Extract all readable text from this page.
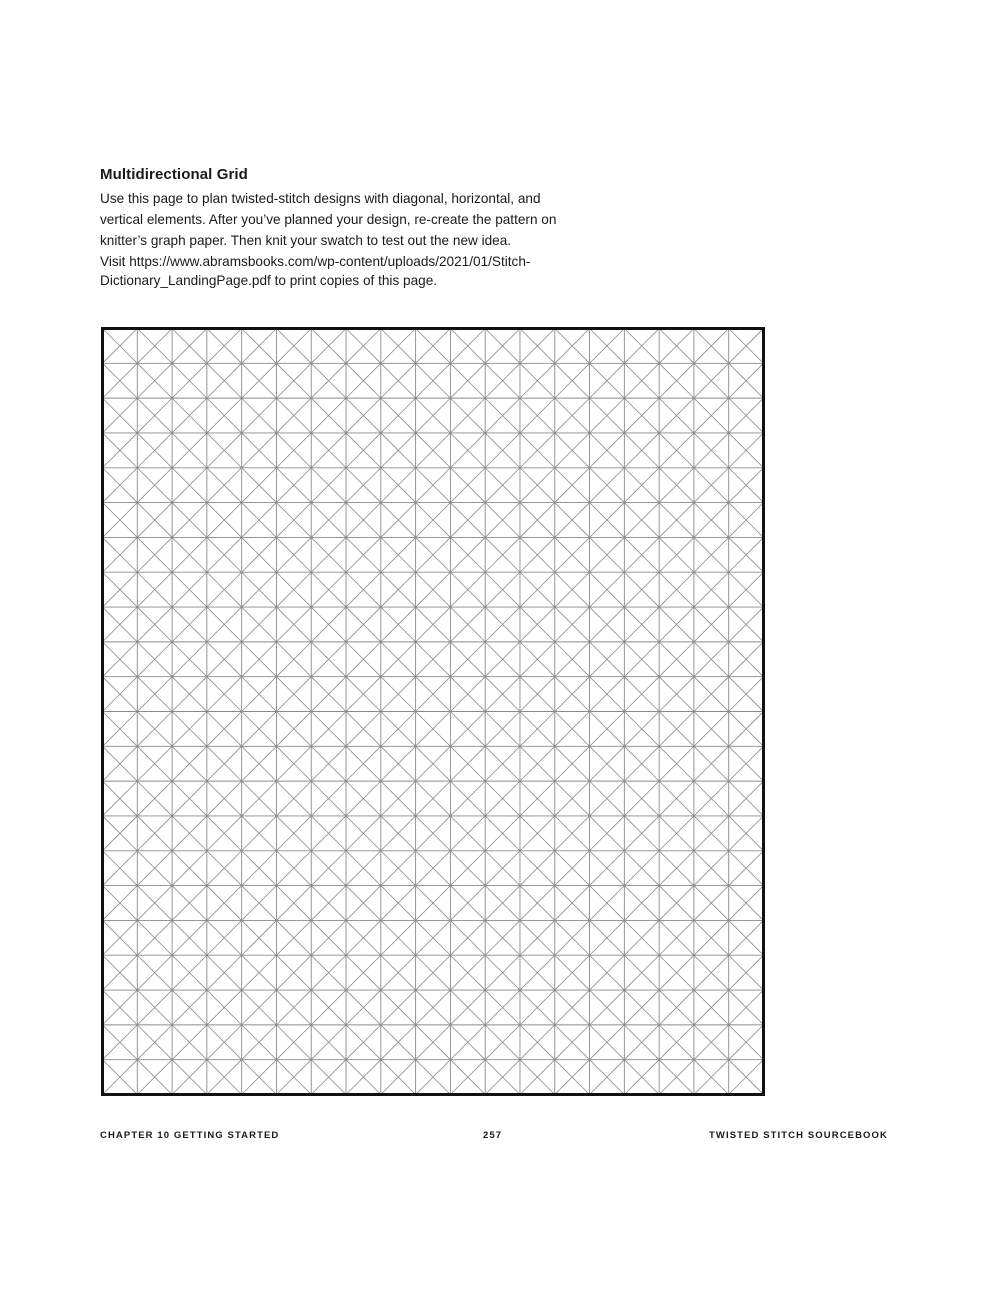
Multidirectional Grid

Use this page to plan twisted-stitch designs with diagonal, horizontal, and

vertical elements. After you’ve planned your design, re-create the pattern on

knitter’s graph paper. Then knit your swatch to test out the new idea.

Visit https://www.abramsbooks.com/wp-content/uploads/2021/01/Stitch-

Dictionary_LandingPage.pdf to print copies of this page.

CHAPTER 10 GETTING STARTED	257	TWISTED STITCH SOURCEBOOK
